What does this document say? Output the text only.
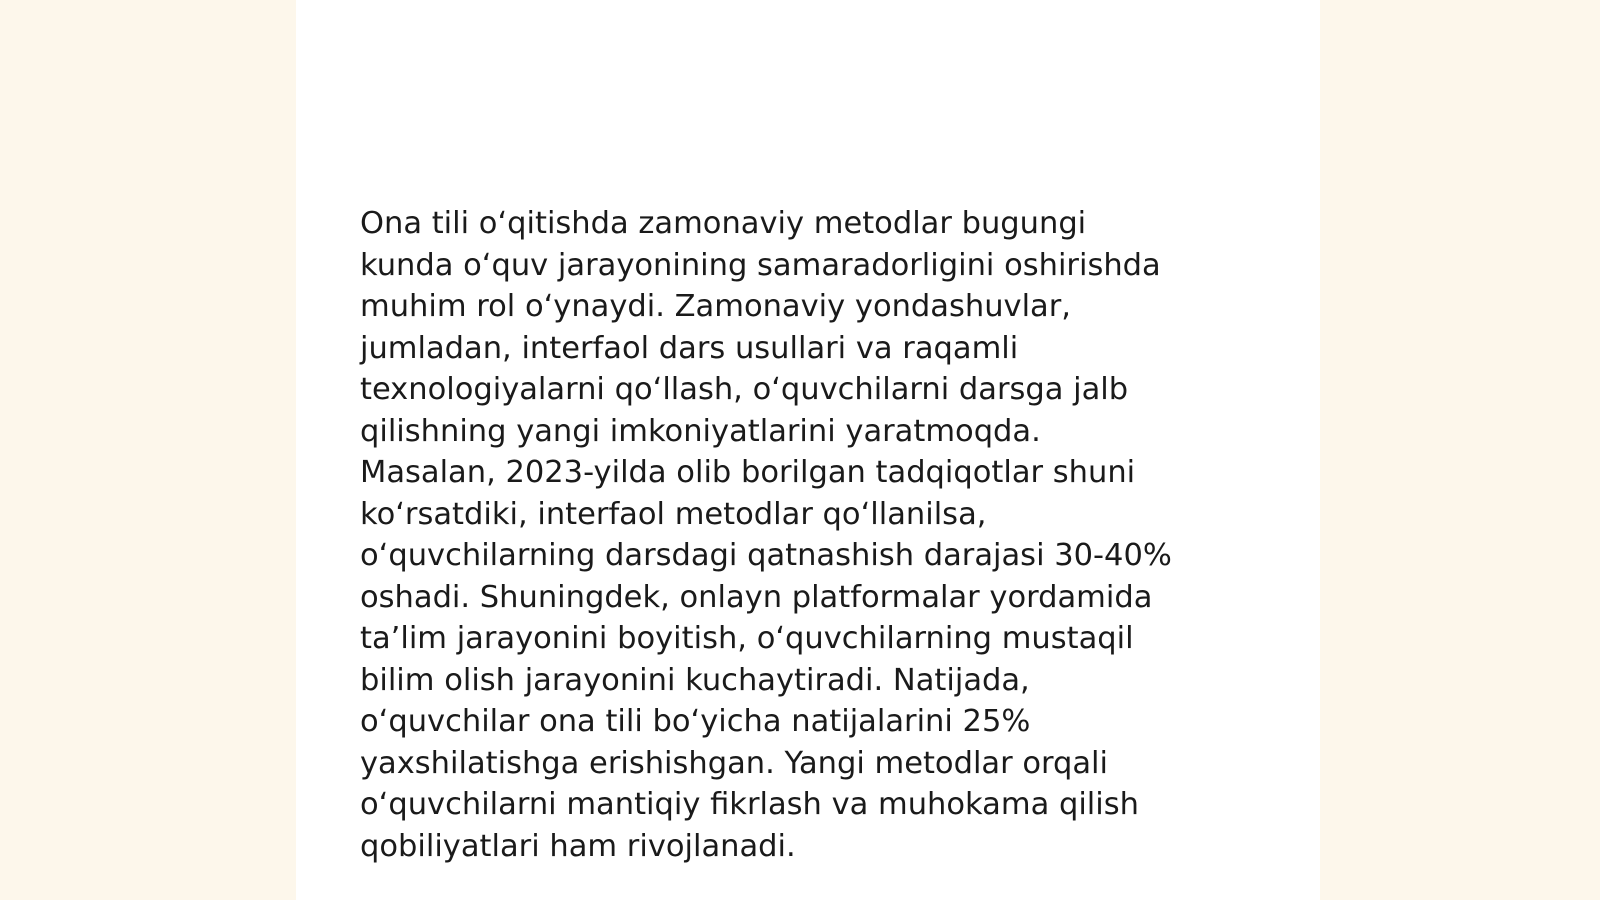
Ona tili o‘qitishda zamonaviy metodlar bugungi
kunda o‘quv jarayonining samaradorligini oshirishda
muhim rol o‘ynaydi. Zamonaviy yondashuvlar,
jumladan, interfaol dars usullari va raqamli
texnologiyalarni qo‘llash, o‘quvchilarni darsga jalb
qilishning yangi imkoniyatlarini yaratmoqda.
Masalan, 2023-yilda olib borilgan tadqiqotlar shuni
ko‘rsatdiki, interfaol metodlar qo‘llanilsa,
o‘quvchilarning darsdagi qatnashish darajasi 30-40%
oshadi. Shuningdek, onlayn platformalar yordamida
ta’lim jarayonini boyitish, o‘quvchilarning mustaqil
bilim olish jarayonini kuchaytiradi. Natijada,
o‘quvchilar ona tili bo‘yicha natijalarini 25%
yaxshilatishga erishishgan. Yangi metodlar orqali
o‘quvchilarni mantiqiy fikrlash va muhokama qilish
qobiliyatlari ham rivojlanadi.
